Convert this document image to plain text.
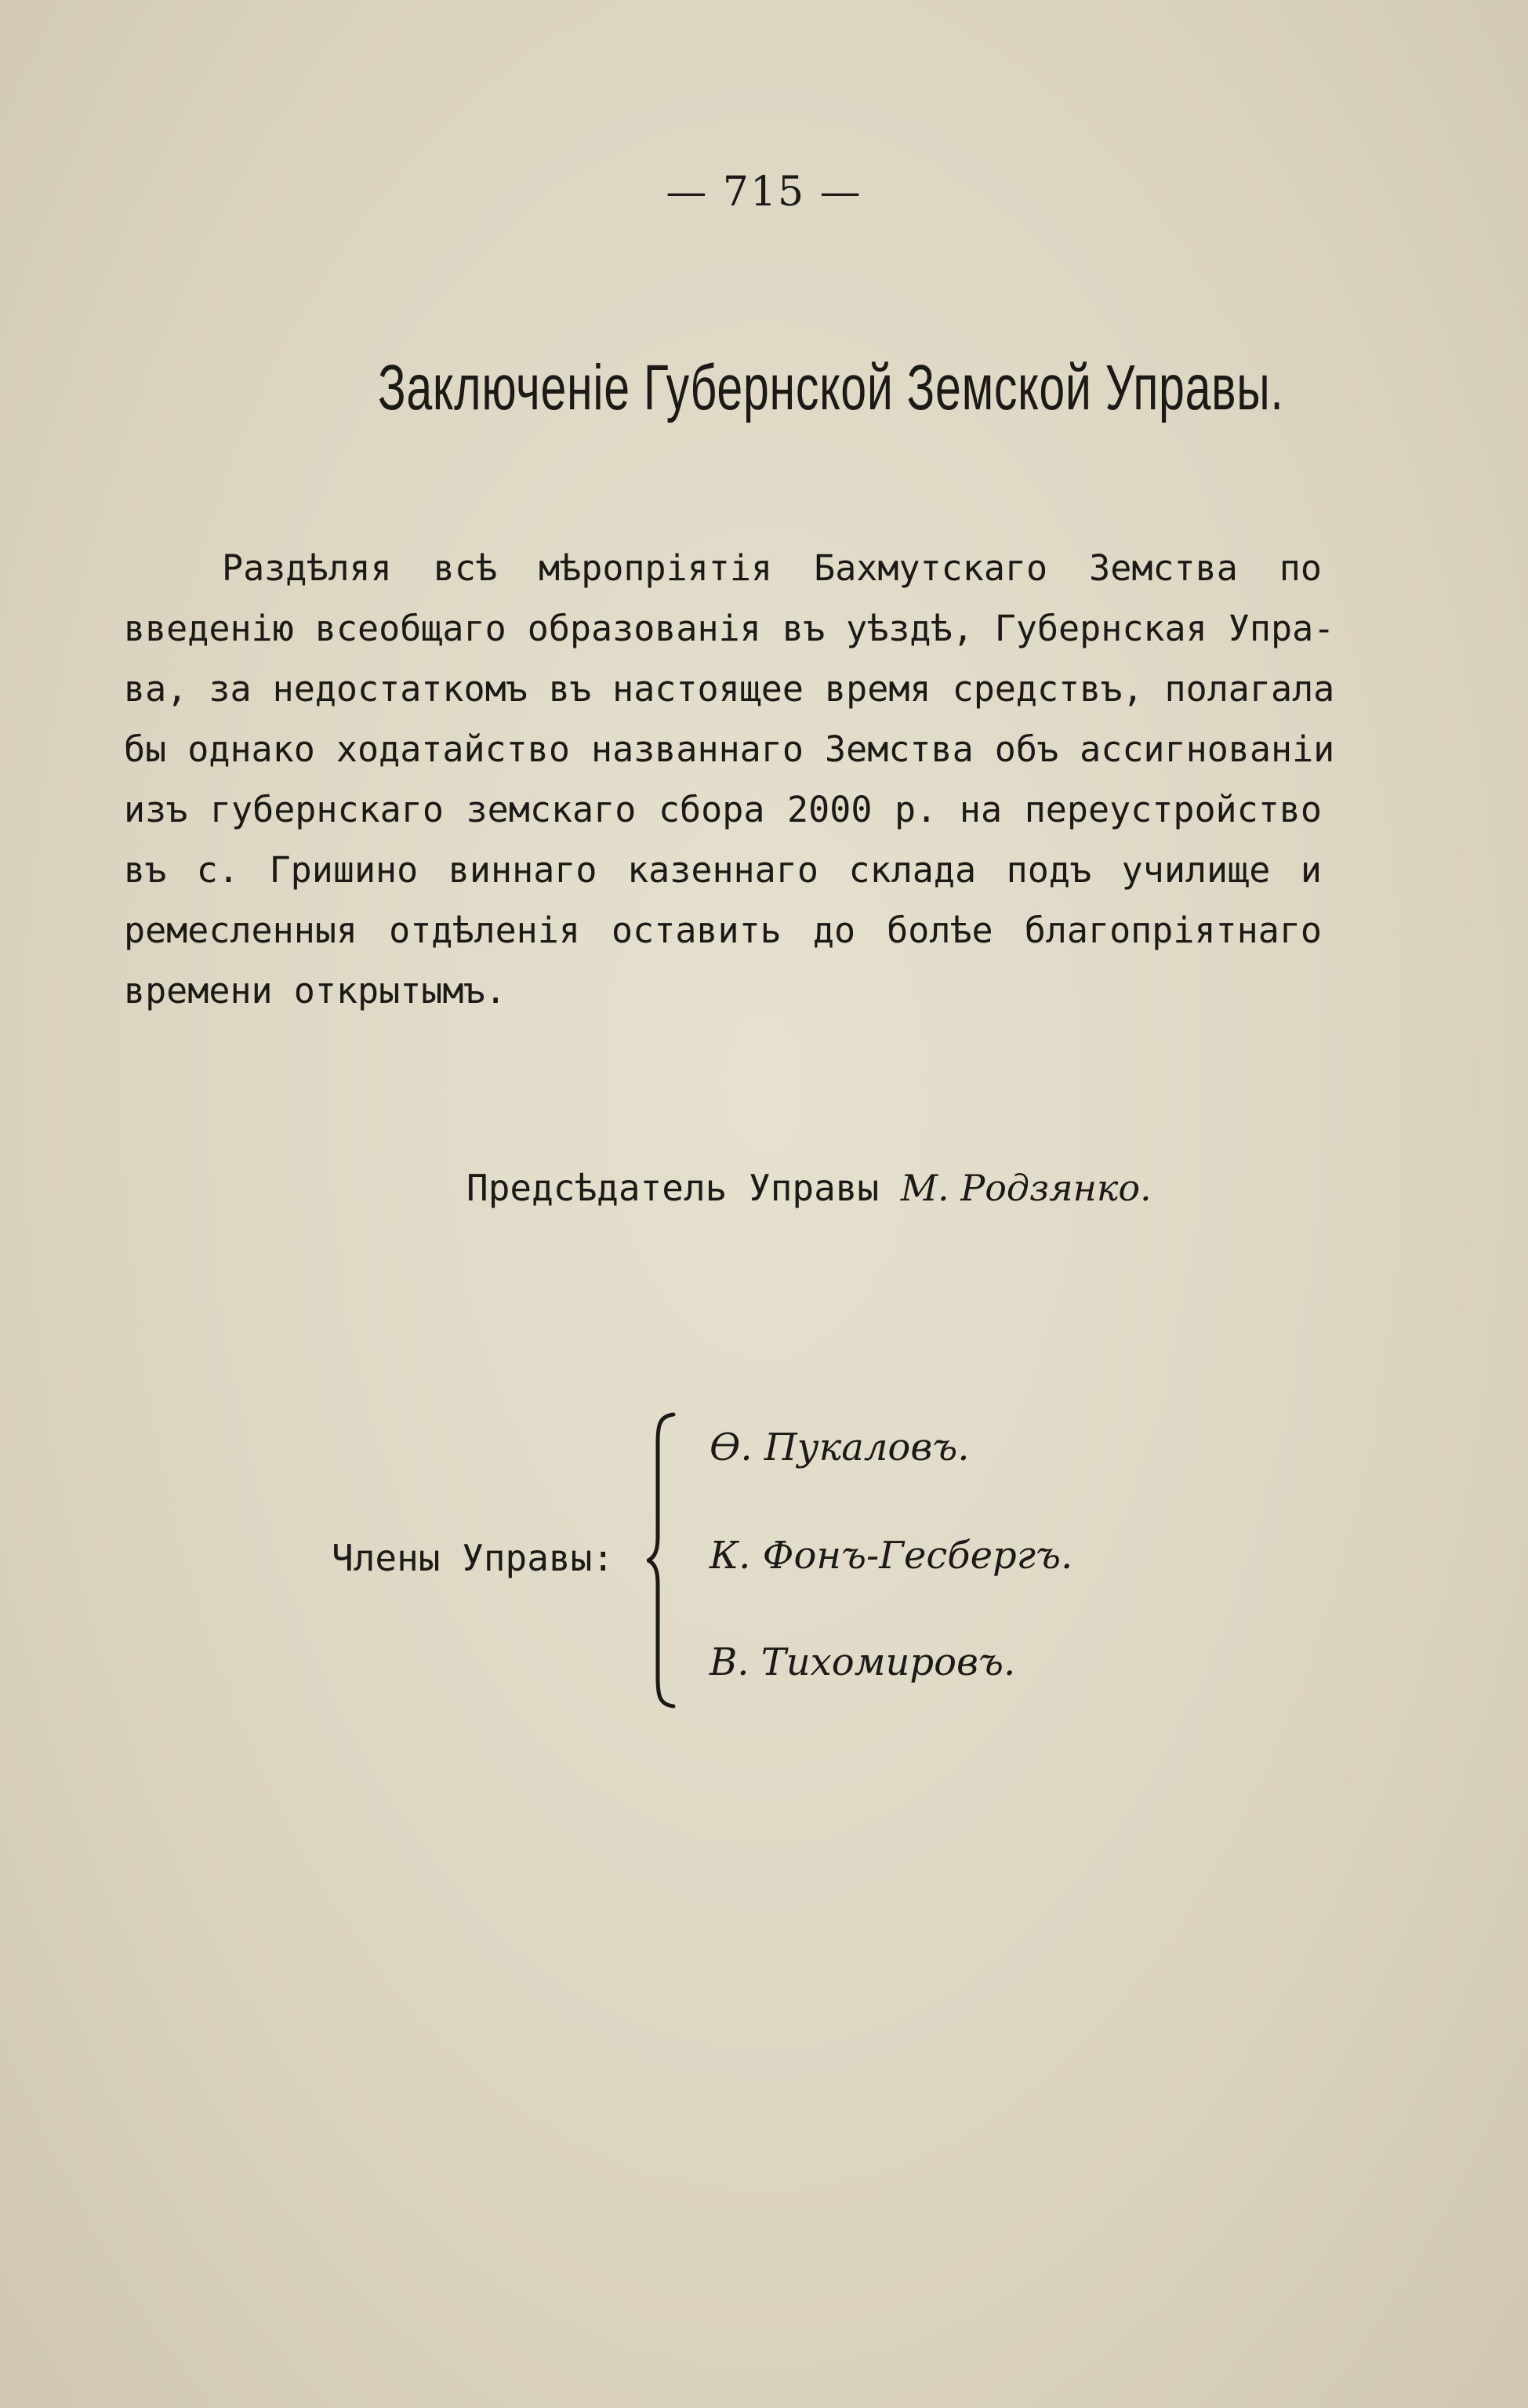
— 715 —
Заключенiе Губернской Земской Управы.
Раздѣляя всѣ мѣропрiятiя Бахмутскаго Земства по
введенiю всеобщаго образованiя въ уѣздѣ, Губернская Упра-
ва, за недостаткомъ въ настоящее время средствъ, полагала
бы однако ходатайство названнаго Земства объ ассигнованiи
изъ губернскаго земскаго сбора 2000 р. на переустройство
въ с. Гришино виннаго казеннаго склада подъ училище и
ремесленныя отдѣленiя оставить до болѣе благопрiятнаго
времени открытымъ.
Предсѣдатель Управы М. Родзянко.
Члены Управы:
Ѳ. Пукаловъ.
К. Фонъ-Гесбергъ.
В. Тихомировъ.
